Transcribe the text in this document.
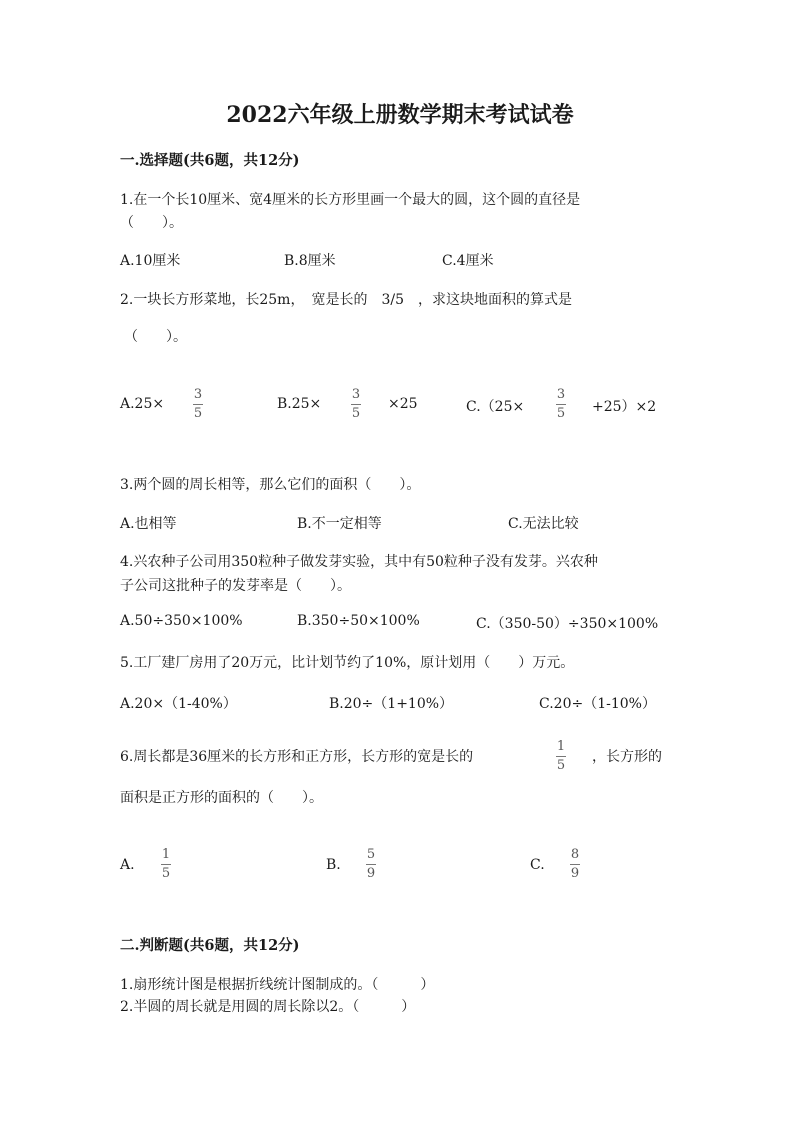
2022六年级上册数学期末考试试卷
一.选择题(共6题，共12分)
1.在一个长10厘米、宽4厘米的长方形里画一个最大的圆，这个圆的直径是
（　　）。
A.10厘米	B.8厘米	C.4厘米
2.一块长方形菜地，长25m，　宽是长的　3/5　，求这块地面积的算式是
（　　）。
A.25×
3
5
B.25×
3
5
×25	C.（25×
3
5 +25）×2
3.两个圆的周长相等，那么它们的面积（　　）。
A.也相等	B.不一定相等	C.无法比较
4.兴农种子公司用350粒种子做发芽实验，其中有50粒种子没有发芽。兴农种
子公司这批种子的发芽率是（　　）。
A.50÷350×100%	B.350÷50×100%	C.（350-50）÷350×100%
5.工厂建厂房用了20万元，比计划节约了10%，原计划用（　　）万元。
A.20×（1-40%）	B.20÷（1+10%）	C.20÷（1-10%）
6.周长都是36厘米的长方形和正方形，长方形的宽是长的
1
5
，长方形的
面积是正方形的面积的（　　）。
A.
1
5
B.
5
9
C.
8
9
二.判断题(共6题，共12分)
1.扇形统计图是根据折线统计图制成的。（　　　）
2.半圆的周长就是用圆的周长除以2。（　　　）
